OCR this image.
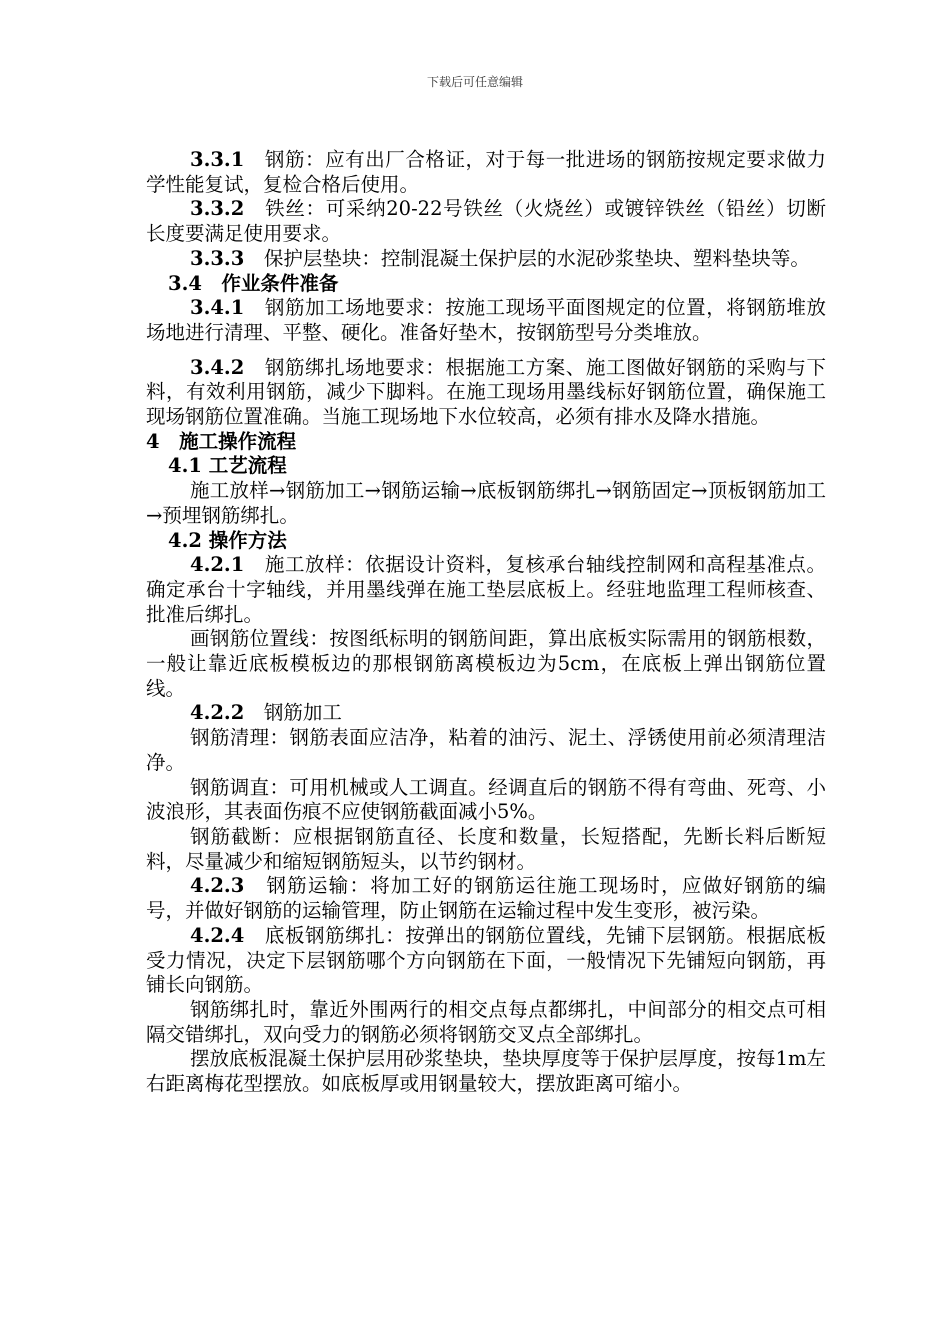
下载后可任意编辑

3.3.1　 钢筋：应有出厂合格证，对于每一批进场的钢筋按规定要求做力学性能复试，复检合格后使用。

3.3.2　 铁丝：可采纳20-22号铁丝（火烧丝）或镀锌铁丝（铅丝）切断长度要满足使用要求。

3.3.3　 保护层垫块：控制混凝土保护层的水泥砂浆垫块、塑料垫块等。

3.4　作业条件准备

3.4.1　 钢筋加工场地要求：按施工现场平面图规定的位置，将钢筋堆放场地进行清理、平整、硬化。准备好垫木，按钢筋型号分类堆放。

3.4.2　 钢筋绑扎场地要求：根据施工方案、施工图做好钢筋的采购与下料，有效利用钢筋，减少下脚料。在施工现场用墨线标好钢筋位置，确保施工现场钢筋位置准确。当施工现场地下水位较高，必须有排水及降水措施。

4　施工操作流程

4.1 工艺流程

施工放样→钢筋加工→钢筋运输→底板钢筋绑扎→钢筋固定→顶板钢筋加工→预埋钢筋绑扎。

4.2 操作方法

4.2.1　 施工放样：依据设计资料，复核承台轴线控制网和高程基准点。确定承台十字轴线，并用墨线弹在施工垫层底板上。经驻地监理工程师核查、批准后绑扎。

画钢筋位置线：按图纸标明的钢筋间距，算出底板实际需用的钢筋根数，一般让靠近底板模板边的那根钢筋离模板边为5cm，在底板上弹出钢筋位置线。

4.2.2　 钢筋加工

钢筋清理：钢筋表面应洁净，粘着的油污、泥土、浮锈使用前必须清理洁净。

钢筋调直：可用机械或人工调直。经调直后的钢筋不得有弯曲、死弯、小波浪形，其表面伤痕不应使钢筋截面减小5%。

钢筋截断：应根据钢筋直径、长度和数量，长短搭配，先断长料后断短料，尽量减少和缩短钢筋短头，以节约钢材。

4.2.3　 钢筋运输：将加工好的钢筋运往施工现场时，应做好钢筋的编号，并做好钢筋的运输管理，防止钢筋在运输过程中发生变形，被污染。

4.2.4　 底板钢筋绑扎：按弹出的钢筋位置线，先铺下层钢筋。根据底板受力情况，决定下层钢筋哪个方向钢筋在下面，一般情况下先铺短向钢筋，再铺长向钢筋。

钢筋绑扎时，靠近外围两行的相交点每点都绑扎，中间部分的相交点可相隔交错绑扎，双向受力的钢筋必须将钢筋交叉点全部绑扎。

摆放底板混凝土保护层用砂浆垫块，垫块厚度等于保护层厚度，按每1m左右距离梅花型摆放。如底板厚或用钢量较大，摆放距离可缩小。
